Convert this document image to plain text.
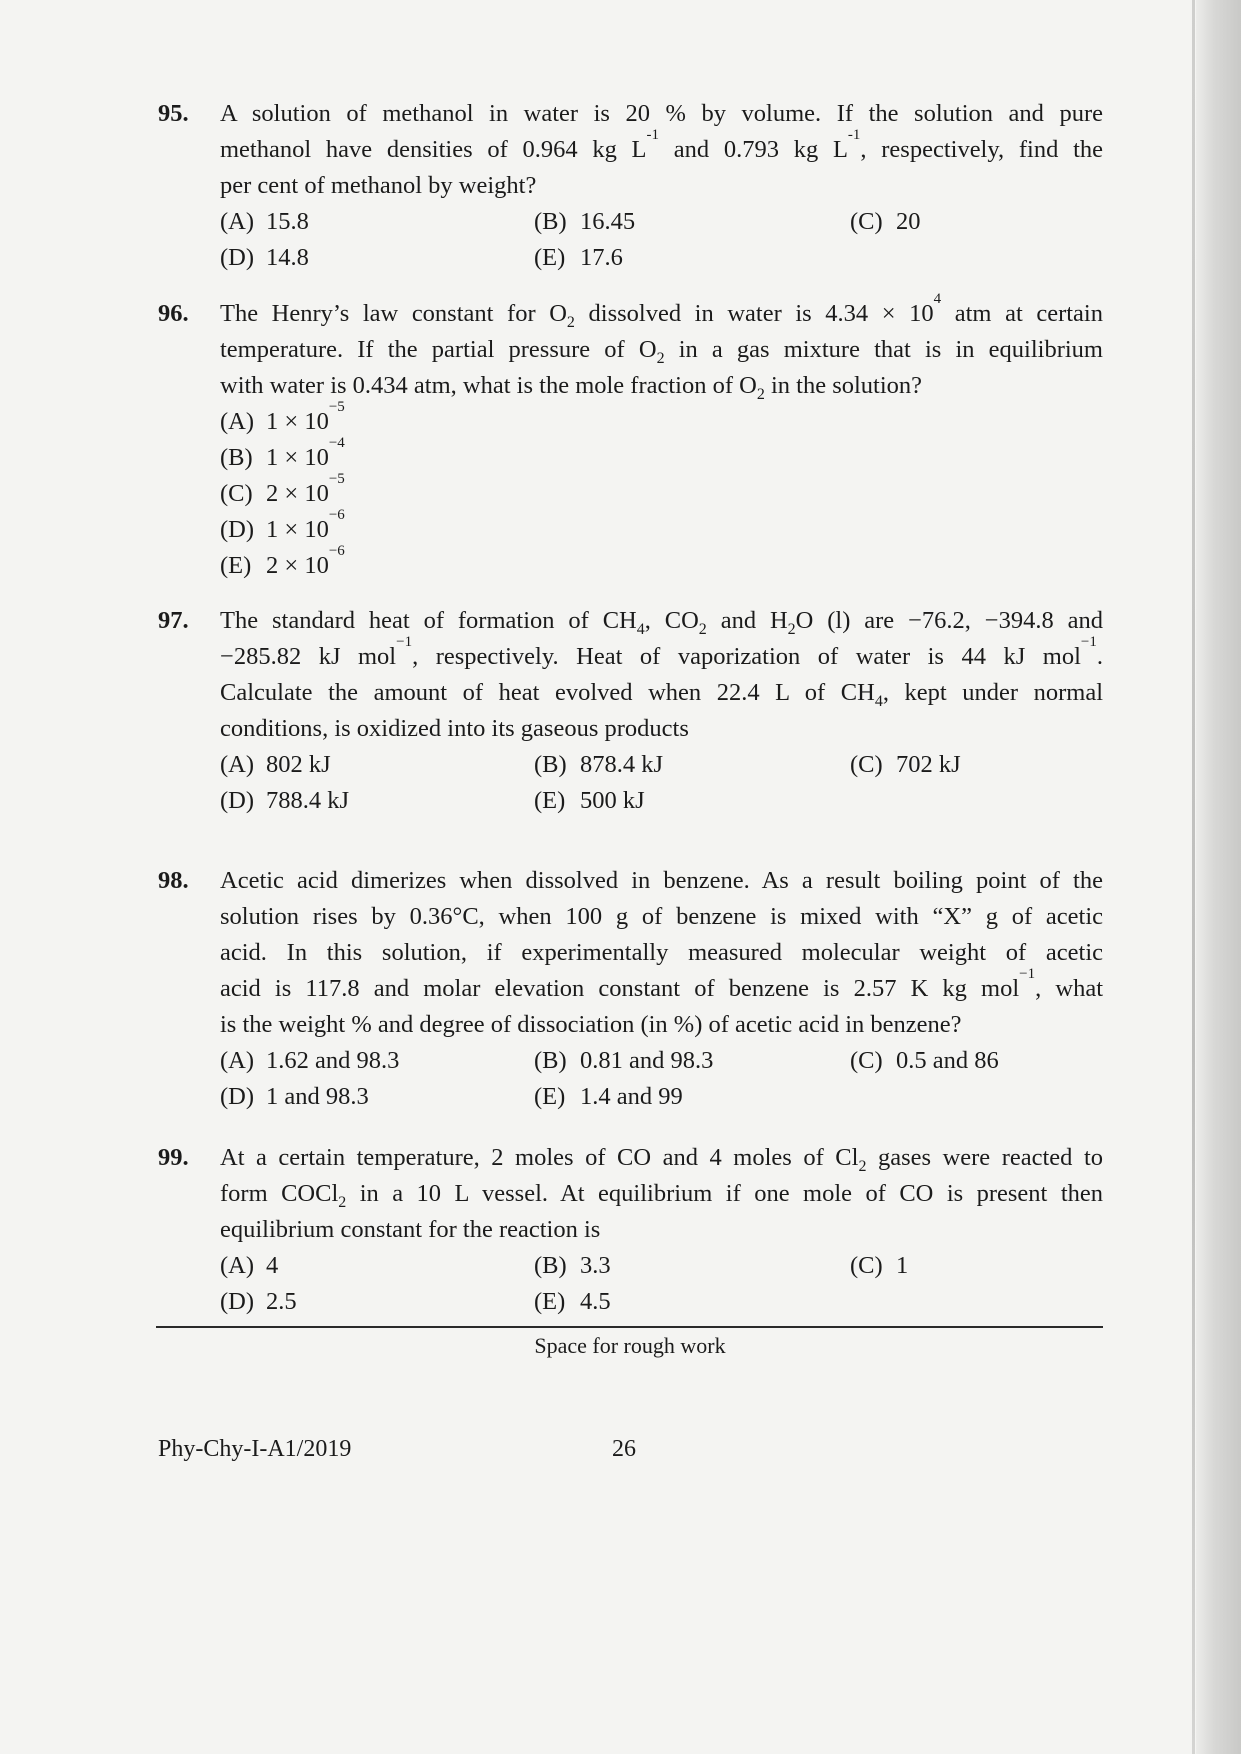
95. A solution of methanol in water is 20 % by volume. If the solution and pure
methanol have densities of 0.964 kg $L^{-1}$ and 0.793 kg $L^{-1}$, respectively, find the
per cent of methanol by weight?
(A) 15.8	(B) 16.45	(C) 20
(D) 14.8	(E) 17.6
96. The Henry’s law constant for $O_2$ dissolved in water is $4.34 \times 10^4$ atm at certain
temperature. If the partial pressure of $O_2$ in a gas mixture that is in equilibrium
with water is 0.434 atm, what is the mole fraction of $O_2$ in the solution?
(A) $1 \times 10^{-5}$
(B) $1 \times 10^{-4}$
(C) $2 \times 10^{-5}$
(D) $1 \times 10^{-6}$
(E) $2 \times 10^{-6}$
97. The standard heat of formation of $CH_4$, $CO_2$ and $H_2O$ (l) are −76.2, −394.8 and
−285.82 kJ mol$^{-1}$, respectively. Heat of vaporization of water is 44 kJ mol$^{-1}$.
Calculate the amount of heat evolved when 22.4 L of $CH_4$, kept under normal
conditions, is oxidized into its gaseous products
(A) 802 kJ	(B) 878.4 kJ	(C) 702 kJ
(D) 788.4 kJ	(E) 500 kJ
98. Acetic acid dimerizes when dissolved in benzene. As a result boiling point of the
solution rises by 0.36°C, when 100 g of benzene is mixed with “X” g of acetic
acid. In this solution, if experimentally measured molecular weight of acetic
acid is 117.8 and molar elevation constant of benzene is 2.57 K kg mol$^{-1}$, what
is the weight % and degree of dissociation (in %) of acetic acid in benzene?
(A) 1.62 and 98.3	(B) 0.81 and 98.3	(C) 0.5 and 86
(D) 1 and 98.3	(E) 1.4 and 99
99. At a certain temperature, 2 moles of CO and 4 moles of $Cl_2$ gases were reacted to
form COCl$_2$ in a 10 L vessel. At equilibrium if one mole of CO is present then
equilibrium constant for the reaction is
(A) 4	(B) 3.3	(C) 1
(D) 2.5	(E) 4.5
Space for rough work
Phy-Chy-I-A1/2019	26
